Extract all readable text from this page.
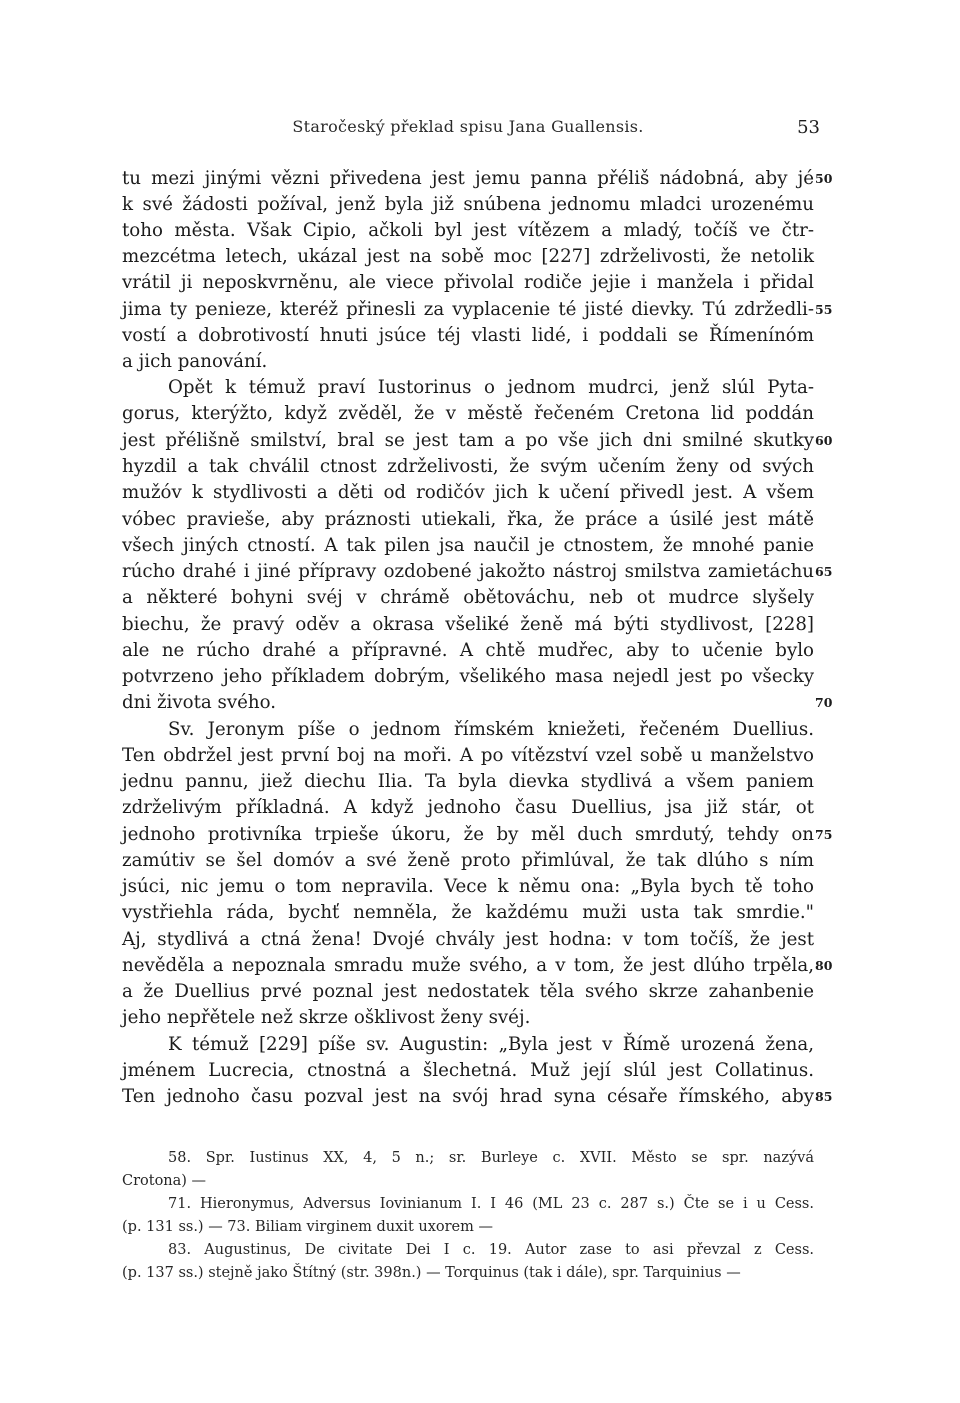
Staročeský překlad spisu Jana Guallensis.	53
tu mezi jinými vězni přivedena jest jemu panna přéliš nádobná, aby jé
k své žádosti požíval, jenž byla již snúbena jednomu mladci urozenému
toho města. Však Cipio, ačkoli byl jest vítězem a mladý, točíš ve čtr-
mezcétma letech, ukázal jest na sobě moc [227] zdrželivosti, že netolik
vrátil ji neposkvrněnu, ale viece přivolal rodiče jejie i manžela i přidal
jima ty penieze, kteréž přinesli za vyplacenie té jisté dievky. Tú zdržedli-
vostí a dobrotivostí hnuti jsúce téj vlasti lidé, i poddali se Římenínóm
a jich panování.
Opět k témuž praví Iustorinus o jednom mudrci, jenž slúl Pyta-
gorus, kterýžto, když zvěděl, že v městě řečeném Cretona lid poddán
jest přélišně smilství, bral se jest tam a po vše jich dni smilné skutky
hyzdil a tak chválil ctnost zdrželivosti, že svým učením ženy od svých
mužóv k stydlivosti a děti od rodičóv jich k učení přivedl jest. A všem
vóbec pravieše, aby práznosti utiekali, řka, že práce a úsilé jest mátě
všech jiných ctností. A tak pilen jsa naučil je ctnostem, že mnohé panie
rúcho drahé i jiné přípravy ozdobené jakožto nástroj smilstva zamietáchu
a některé bohyni svéj v chrámě obětováchu, neb ot mudrce slyšely
biechu, že pravý oděv a okrasa všeliké ženě má býti stydlivost, [228]
ale ne rúcho drahé a přípravné. A chtě mudřec, aby to učenie bylo
potvrzeno jeho příkladem dobrým, všelikého masa nejedl jest po všecky
dni života svého.
Sv. Jeronym píše o jednom římském kniežeti, řečeném Duellius.
Ten obdržel jest první boj na moři. A po vítězství vzel sobě u manželstvo
jednu pannu, jiež diechu Ilia. Ta byla dievka stydlivá a všem paniem
zdrželivým příkladná. A když jednoho času Duellius, jsa již stár, ot
jednoho protivníka trpieše úkoru, že by měl duch smrdutý, tehdy on
zamútiv se šel domóv a své ženě proto přimlúval, že tak dlúho s ním
jsúci, nic jemu o tom nepravila. Vece k němu ona: „Byla bych tě toho
vystřiehla ráda, bychť nemněla, že každému muži usta tak smrdie."
Aj, stydlivá a ctná žena! Dvojé chvály jest hodna: v tom točíš, že jest
nevěděla a nepoznala smradu muže svého, a v tom, že jest dlúho trpěla,
a že Duellius prvé poznal jest nedostatek těla svého skrze zahanbenie
jeho nepřětele než skrze ošklivost ženy svéj.
K témuž [229] píše sv. Augustin: „Byla jest v Římě urozená žena,
jménem Lucrecia, ctnostná a šlechetná. Muž její slúl jest Collatinus.
Ten jednoho času pozval jest na svój hrad syna césaře římského, aby
50
55
60
65
70
75
80
85
58. Spr. Iustinus XX, 4, 5 n.; sr. Burleye c. XVII. Město se spr. nazývá
Crotona) —
71. Hieronymus, Adversus Iovinianum I. I 46 (ML 23 c. 287 s.) Čte se i u Cess.
(p. 131 ss.) — 73. Biliam virginem duxit uxorem —
83. Augustinus, De civitate Dei I c. 19. Autor zase to asi převzal z Cess.
(p. 137 ss.) stejně jako Štítný (str. 398n.) — Torquinus (tak i dále), spr. Tarquinius —
